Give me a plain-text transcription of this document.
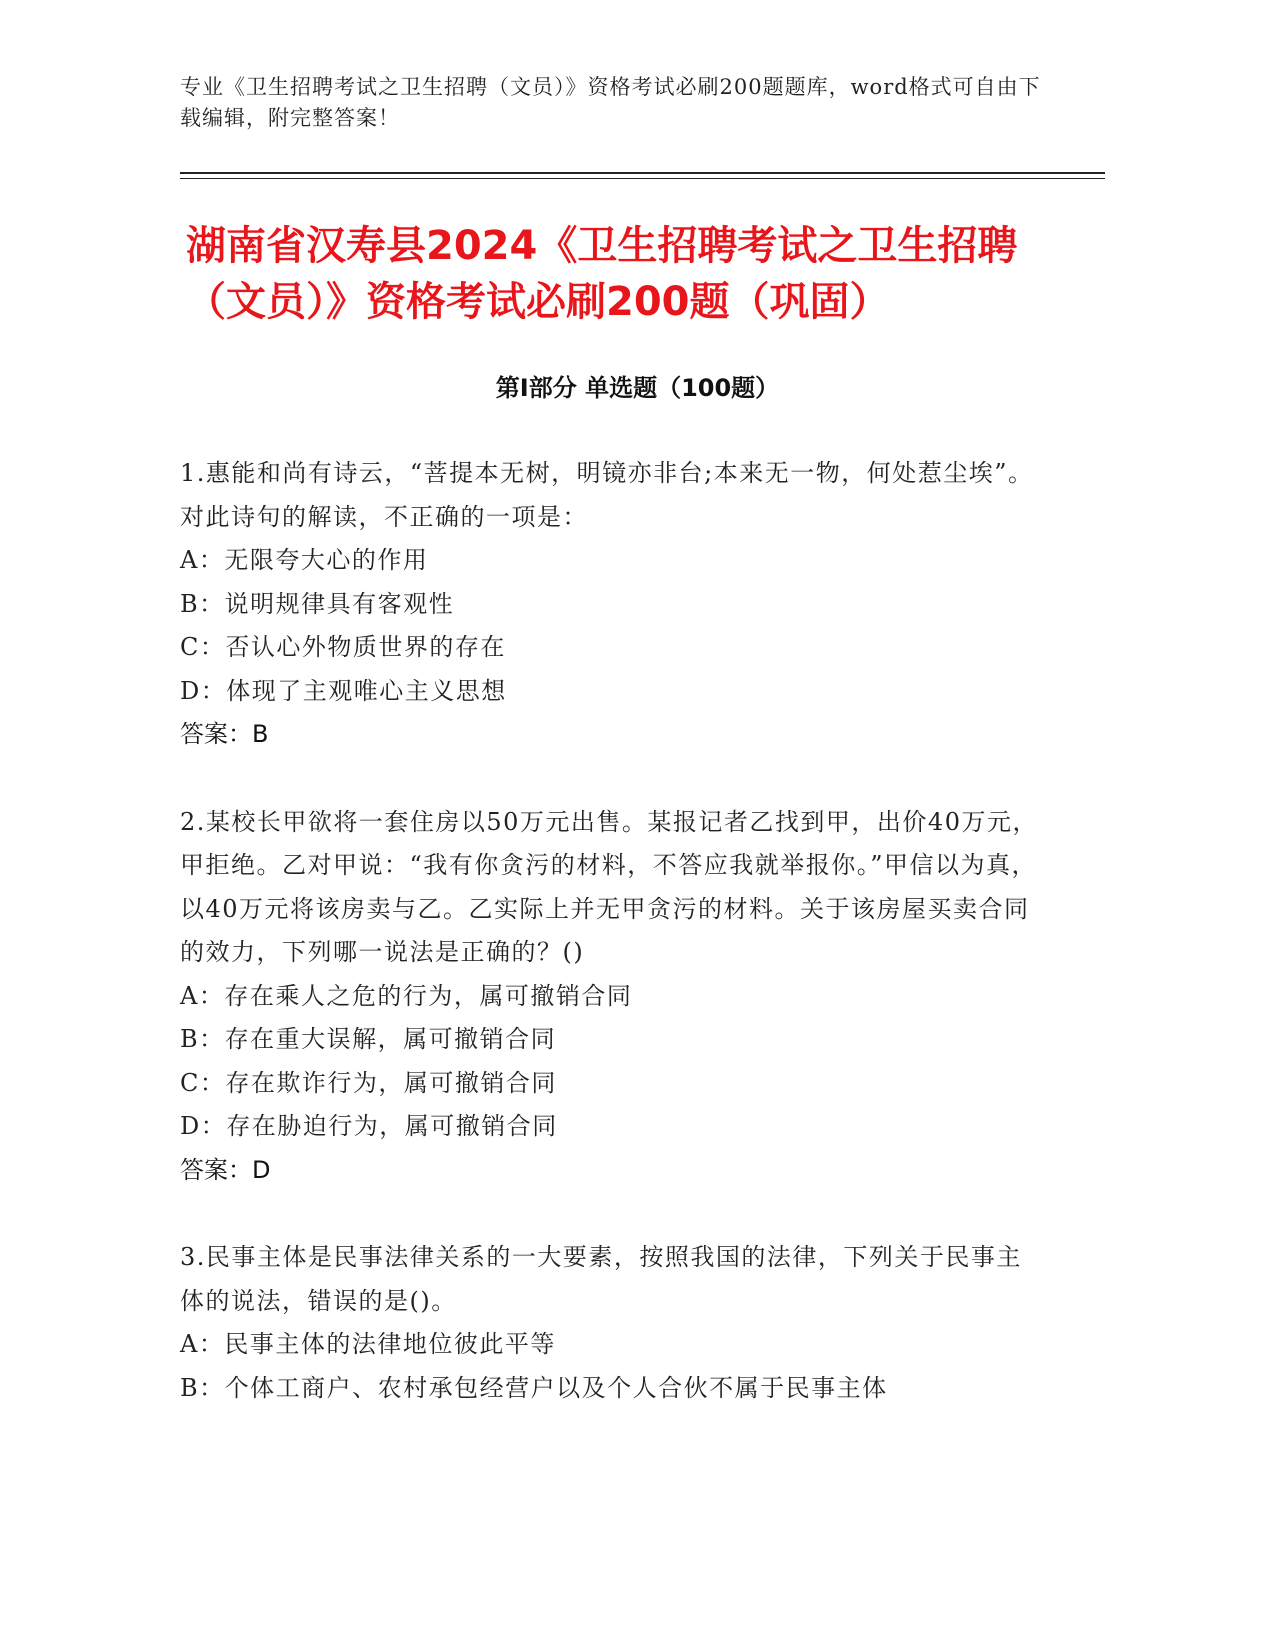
专业《卫生招聘考试之卫生招聘（文员）》资格考试必刷200题题库，word格式可自由下载编辑，附完整答案！
湖南省汉寿县2024《卫生招聘考试之卫生招聘（文员）》资格考试必刷200题（巩固）
第Ⅰ部分 单选题（100题）

1.惠能和尚有诗云，“菩提本无树，明镜亦非台;本来无一物，何处惹尘埃”。对此诗句的解读，不正确的一项是：

A：无限夸大心的作用

B：说明规律具有客观性

C：否认心外物质世界的存在

D：体现了主观唯心主义思想

答案：B

2.某校长甲欲将一套住房以50万元出售。某报记者乙找到甲，出价40万元，甲拒绝。乙对甲说：“我有你贪污的材料，不答应我就举报你。”甲信以为真，以40万元将该房卖与乙。乙实际上并无甲贪污的材料。关于该房屋买卖合同的效力，下列哪一说法是正确的？()

A：存在乘人之危的行为，属可撤销合同

B：存在重大误解，属可撤销合同

C：存在欺诈行为，属可撤销合同

D：存在胁迫行为，属可撤销合同

答案：D

3.民事主体是民事法律关系的一大要素，按照我国的法律，下列关于民事主体的说法，错误的是()。

A：民事主体的法律地位彼此平等

B：个体工商户、农村承包经营户以及个人合伙不属于民事主体
